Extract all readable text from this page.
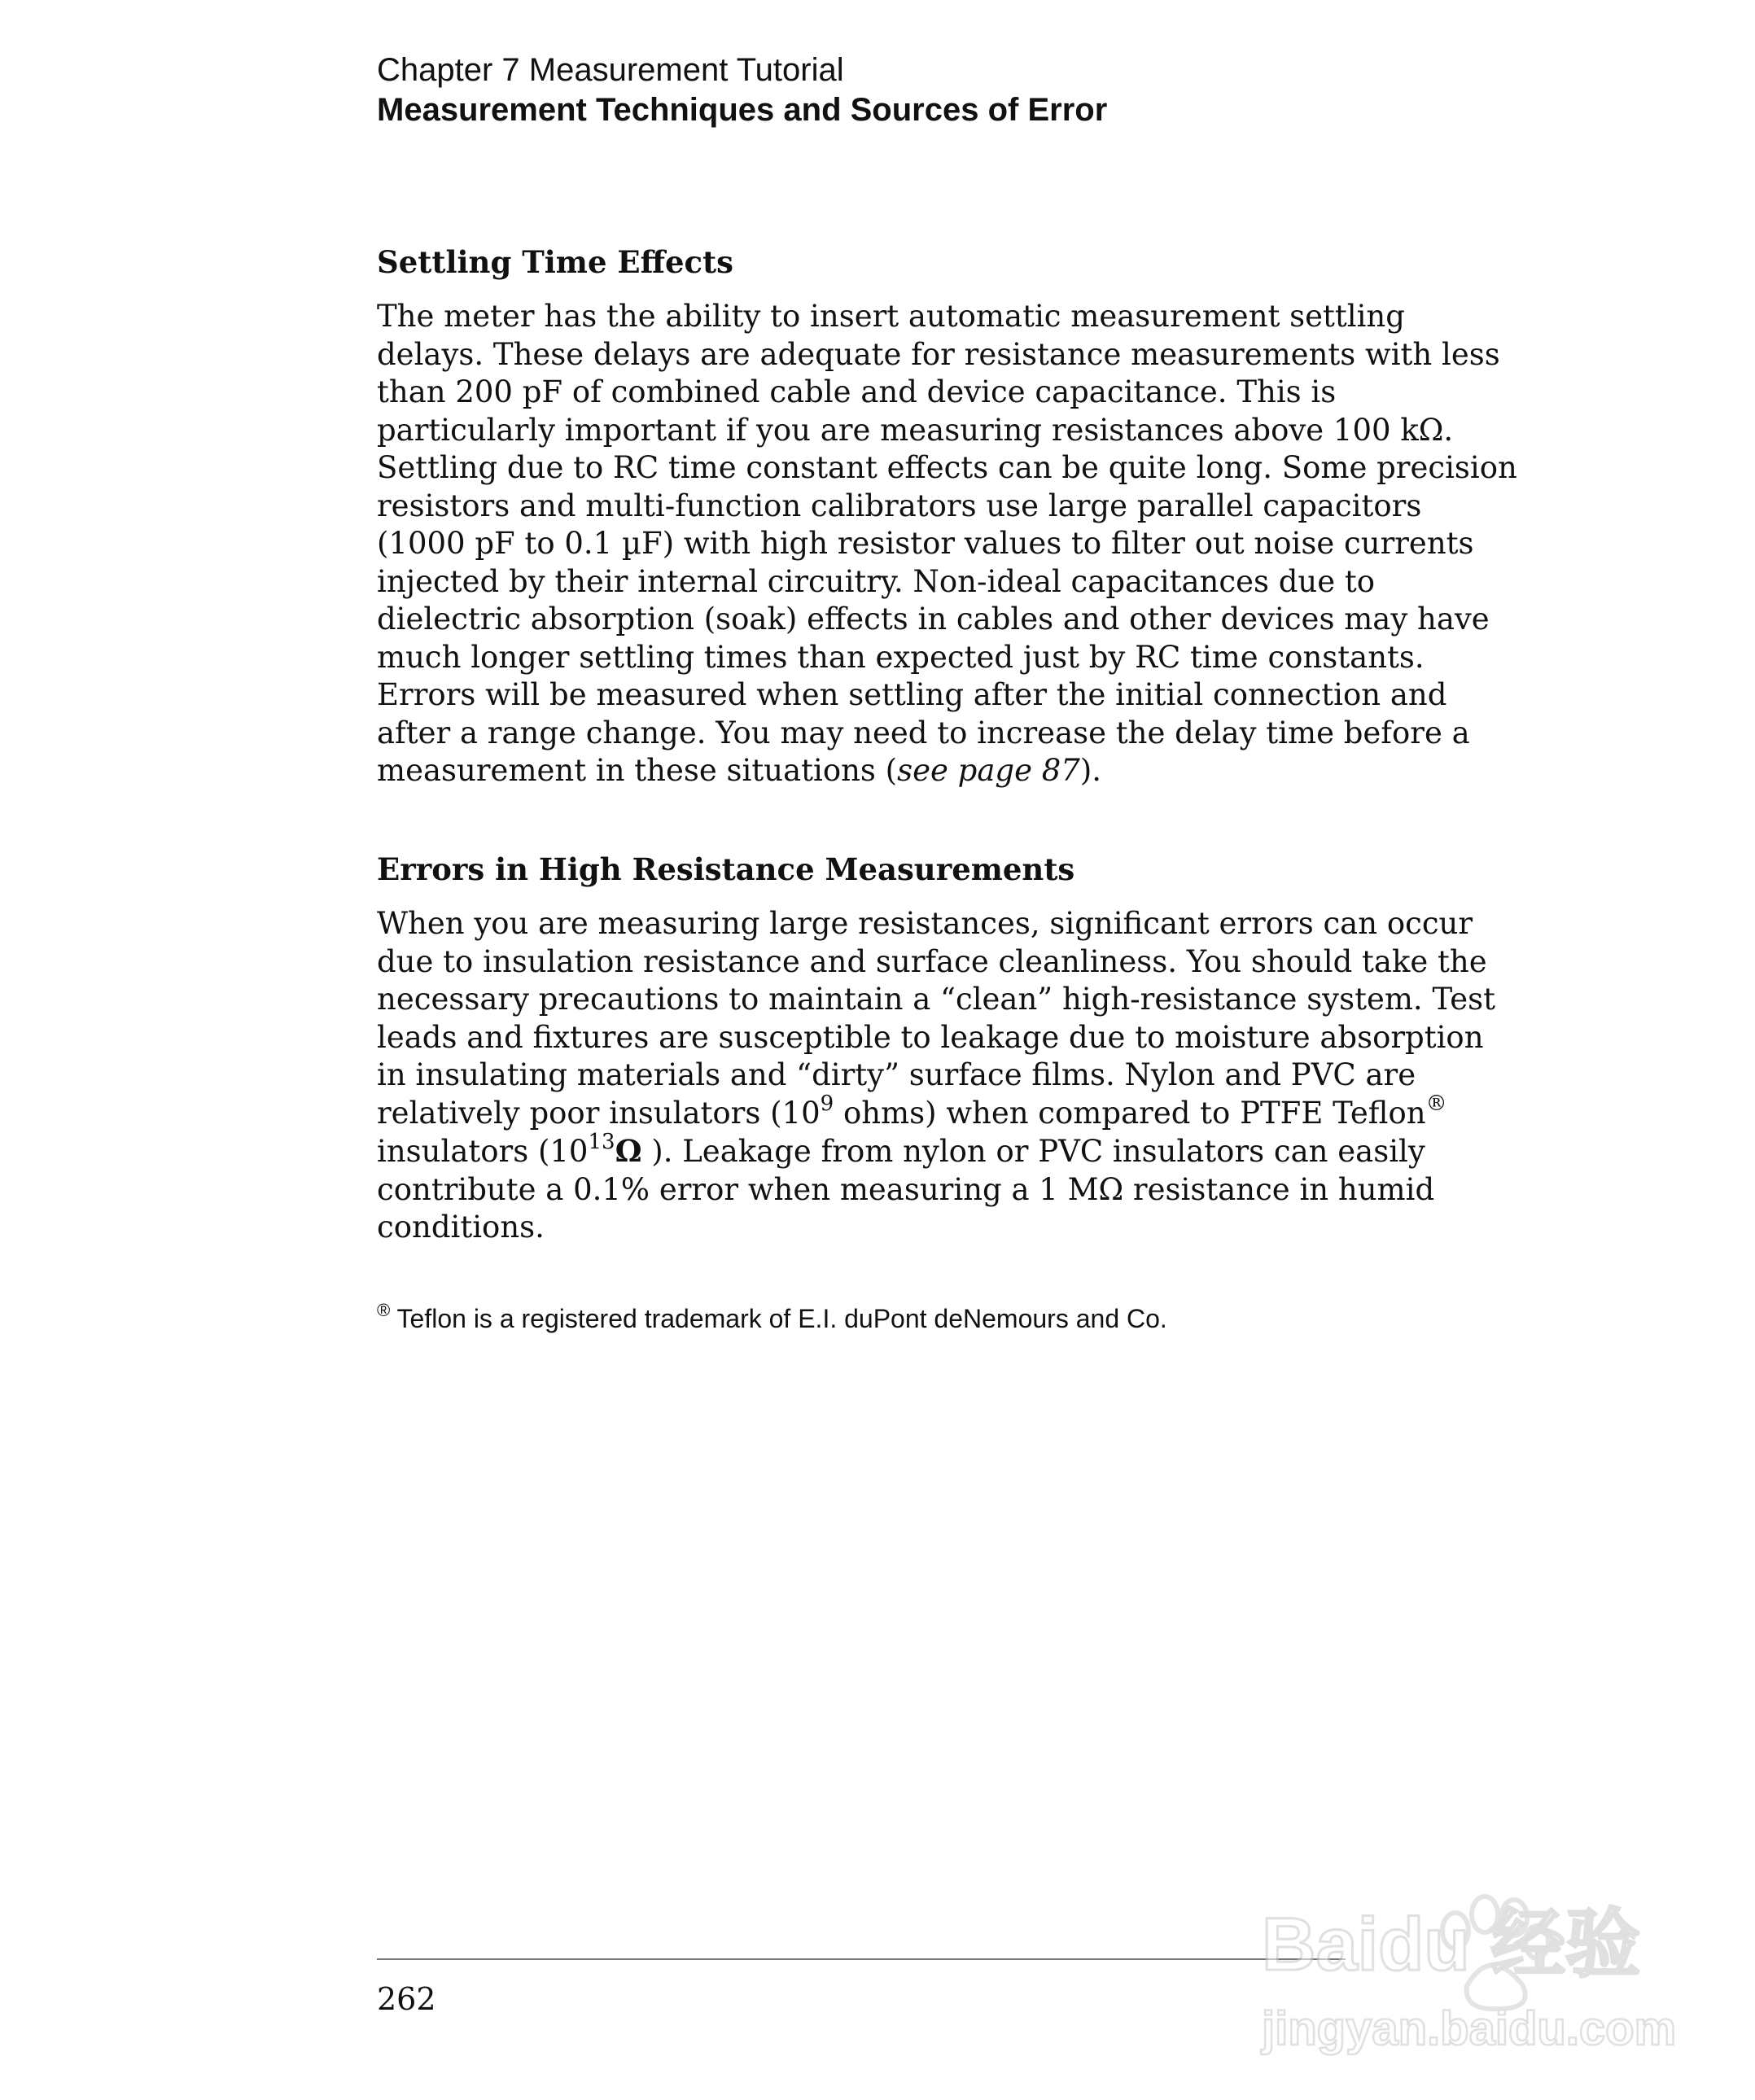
Chapter 7 Measurement Tutorial
Measurement Techniques and Sources of Error
Settling Time Effects

The meter has the ability to insert automatic measurement settling
delays. These delays are adequate for resistance measurements with less
than 200 pF of combined cable and device capacitance. This is
particularly important if you are measuring resistances above 100 kΩ.
Settling due to RC time constant effects can be quite long. Some precision
resistors and multi-function calibrators use large parallel capacitors
(1000 pF to 0.1 µF) with high resistor values to filter out noise currents
injected by their internal circuitry. Non-ideal capacitances due to
dielectric absorption (soak) effects in cables and other devices may have
much longer settling times than expected just by RC time constants.
Errors will be measured when settling after the initial connection and
after a range change. You may need to increase the delay time before a
measurement in these situations (see page 87).

Errors in High Resistance Measurements

When you are measuring large resistances, significant errors can occur
due to insulation resistance and surface cleanliness. You should take the
necessary precautions to maintain a “clean” high-resistance system. Test
leads and fixtures are susceptible to leakage due to moisture absorption
in insulating materials and “dirty” surface films. Nylon and PVC are
relatively poor insulators ($10^9$ ohms) when compared to PTFE Teflon®
insulators ($10^{13}\Omega$ ). Leakage from nylon or PVC insulators can easily
contribute a 0.1% error when measuring a 1 MΩ resistance in humid
conditions.

® Teflon is a registered trademark of E.I. duPont deNemours and Co.
262
Baidu 经验
jingyan.baidu.com
